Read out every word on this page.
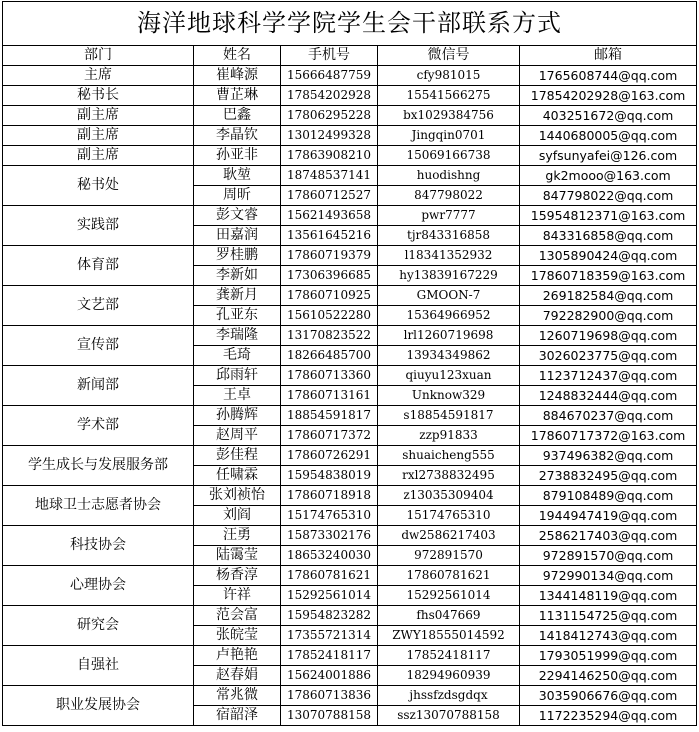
海洋地球科学学院学生会干部联系方式				
部门	姓名	手机号	微信号	邮箱
主席	崔峰源	15666487759	cfy981015	1765608744@qq.com
秘书长	曹芷琳	17854202928	15541566275	17854202928@163.com
副主席	巴鑫	17806295228	bx1029384756	403251672@qq.com
副主席	李晶钦	13012499328	Jingqin0701	1440680005@qq.com
副主席	孙亚非	17863908210	15069166738	syfsunyafei@126.com
秘书处	耿堃	18748537141	huodishng	gk2mooo@163.com
	周昕	17860712527	847798022	847798022@qq.com
实践部	彭文睿	15621493658	pwr7777	15954812371@163.com
	田嘉润	13561645216	tjr843316858	843316858@qq.com
体育部	罗桂鹏	17860719379	l18341352932	1305890424@qq.com
	李新如	17306396685	hy13839167229	17860718359@163.com
文艺部	龚新月	17860710925	GMOON-7	269182584@qq.com
	孔亚东	15610522280	15364966952	792282900@qq.com
宣传部	李瑞隆	13170823522	lrl1260719698	1260719698@qq.com
	毛琦	18266485700	13934349862	3026023775@qq.com
新闻部	邱雨轩	17860713360	qiuyu123xuan	1123712437@qq.com
	王卓	17860713161	Unknow329	1248832444@qq.com
学术部	孙腾辉	18854591817	s18854591817	884670237@qq.com
	赵周平	17860717372	zzp91833	17860717372@163.com
学生成长与发展服务部	彭佳程	17860726291	shuaicheng555	937496382@qq.com
	任啸霖	15954838019	rxl2738832495	2738832495@qq.com
地球卫士志愿者协会	张刘祯怡	17860718918	z13035309404	879108489@qq.com
	刘阎	15174765310	15174765310	1944947419@qq.com
科技协会	汪勇	15873302176	dw2586217403	2586217403@qq.com
	陆霭莹	18653240030	972891570	972891570@qq.com
心理协会	杨香淳	17860781621	17860781621	972990134@qq.com
	许祥	15292561014	15292561014	1344148119@qq.com
研究会	范会富	15954823282	fhs047669	1131154725@qq.com
	张皖莹	17355721314	ZWY18555014592	1418412743@qq.com
自强社	卢艳艳	17852418117	17852418117	1793051999@qq.com
	赵春娟	15624001886	18294960939	2294146250@qq.com
职业发展协会	常兆微	17860713836	jhssfzdsgdqx	3035906676@qq.com
	宿韶泽	13070788158	ssz13070788158	1172235294@qq.com
